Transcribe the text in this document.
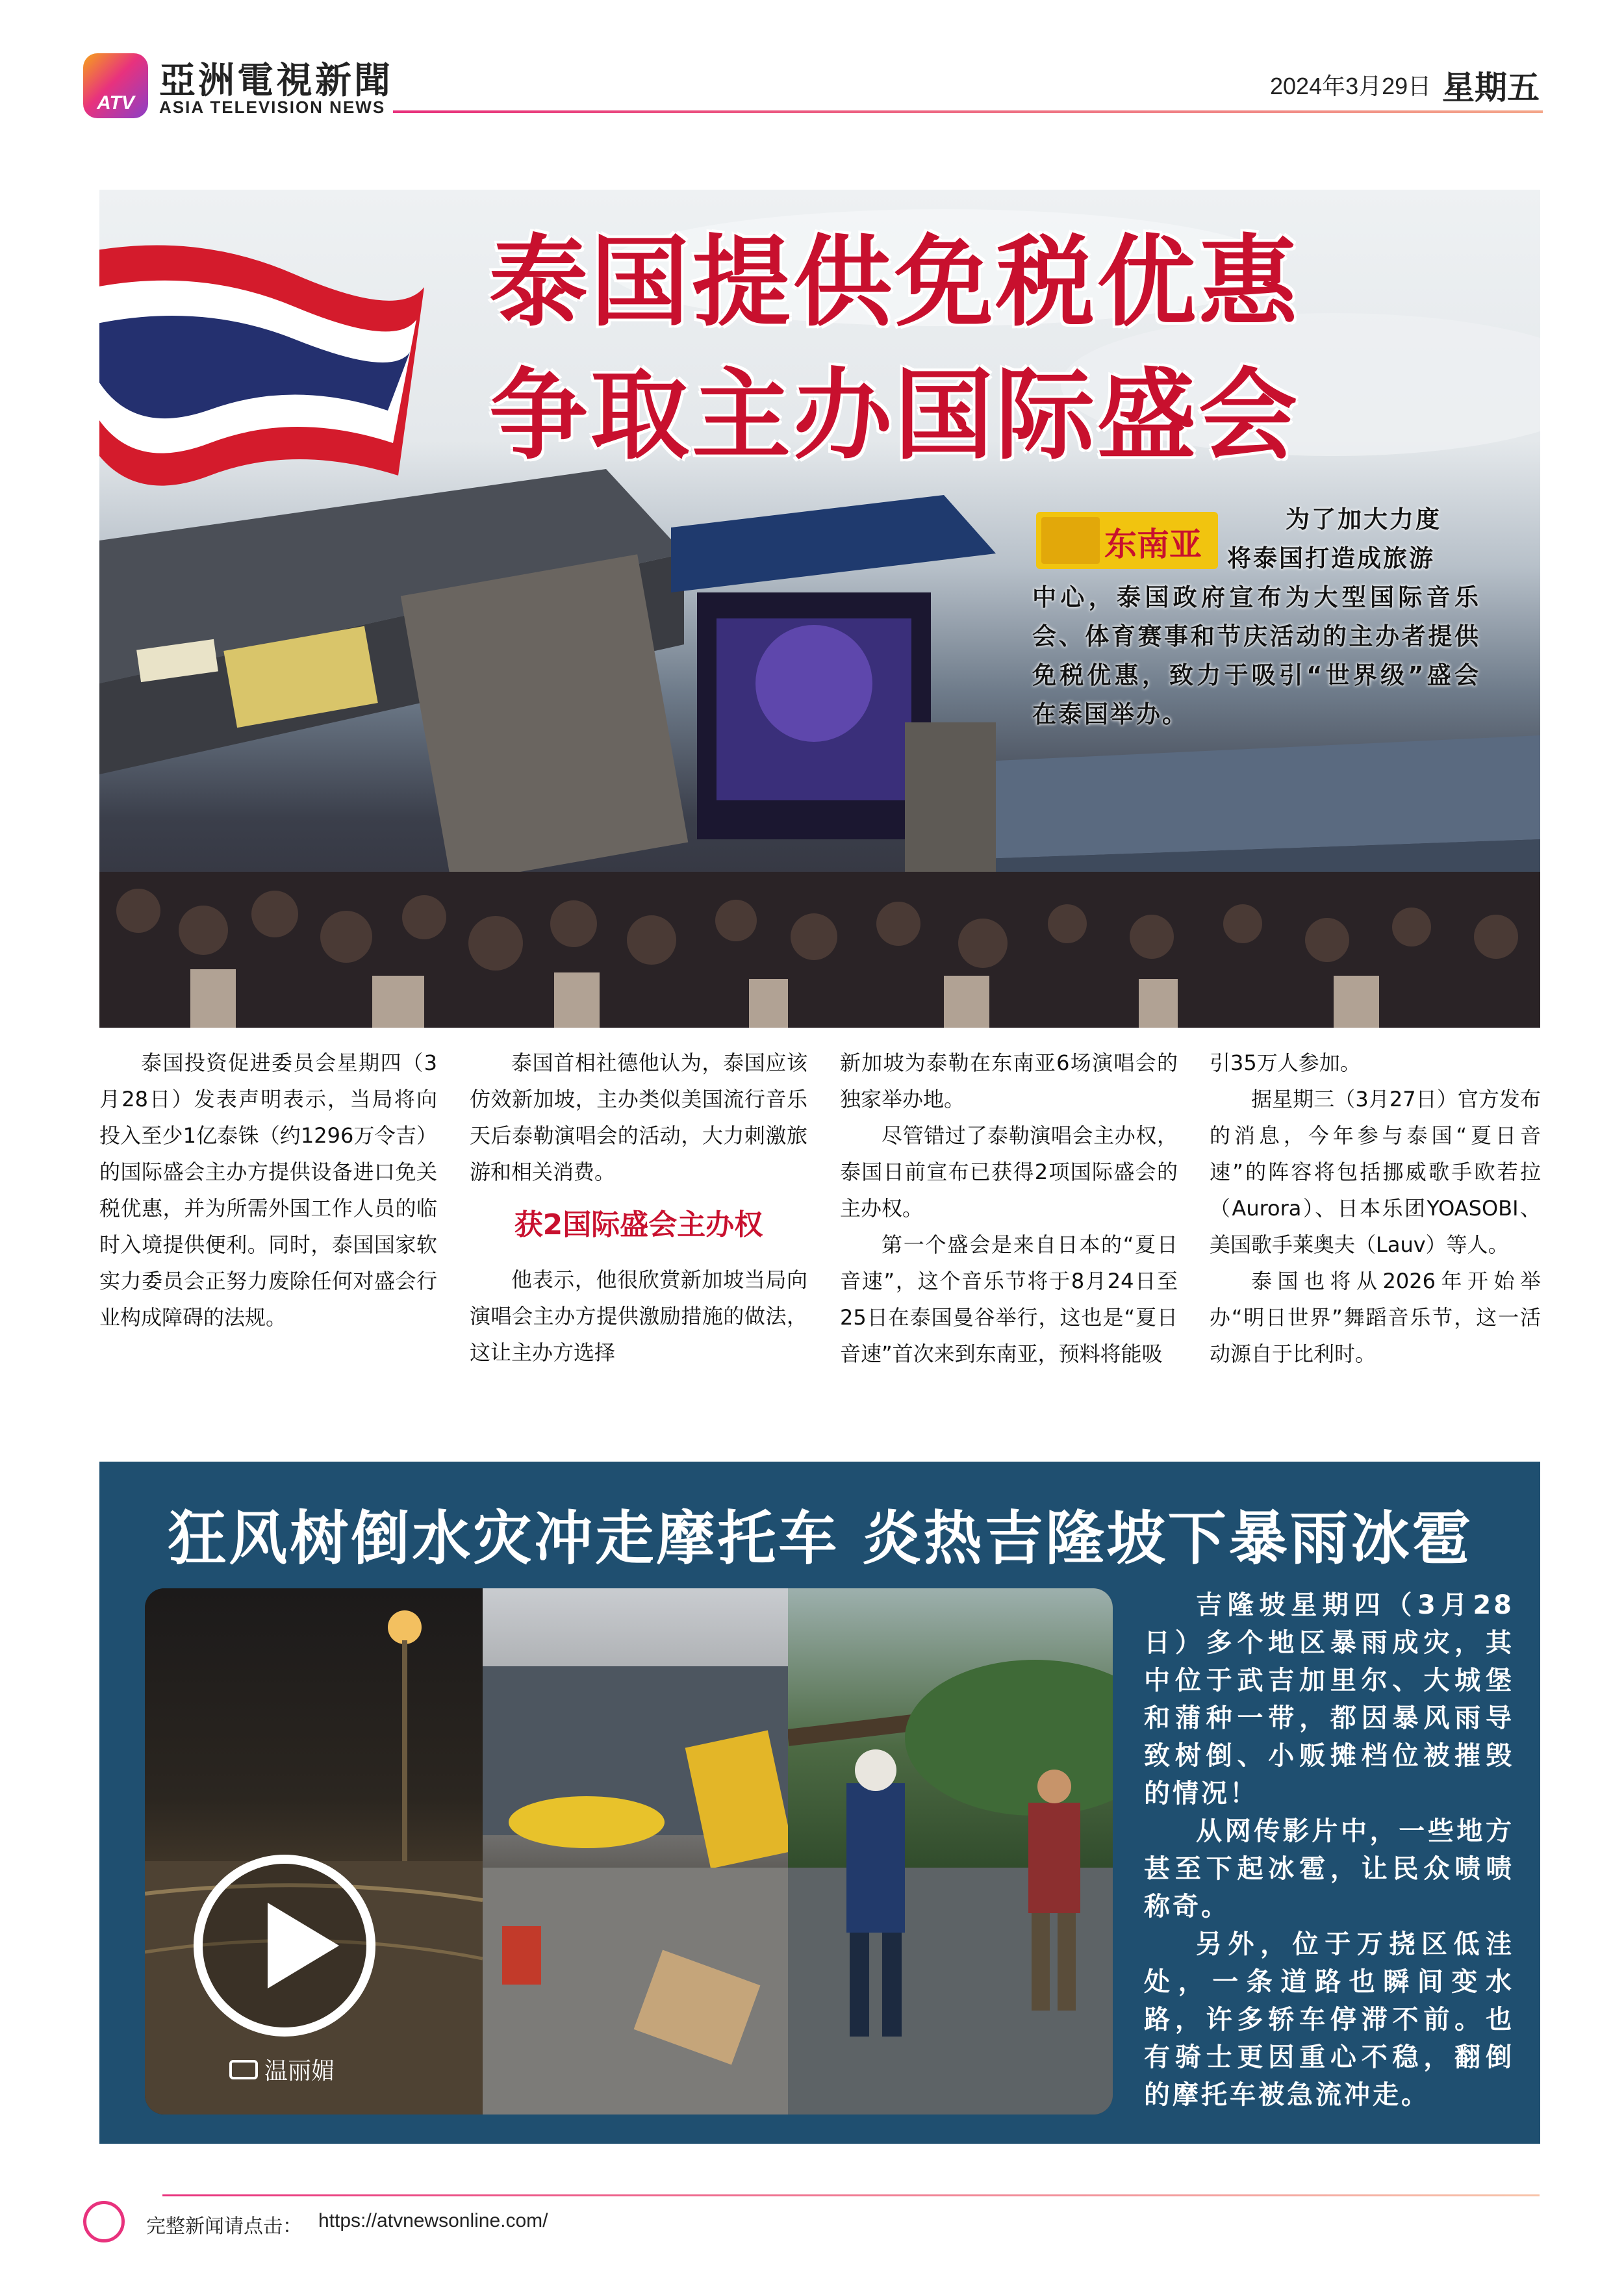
ATV
亞洲電視新聞
ASIA TELEVISION NEWS
2024年3月29日 星期五
泰国提供免税优惠
争取主办国际盛会
东南亚
为了加大力度
将泰国打造成旅游
中心，泰国政府宣布为大型国际音乐会、体育赛事和节庆活动的主办者提供免税优惠，致力于吸引“世界级”盛会在泰国举办。

泰国投资促进委员会星期四（3月28日）发表声明表示，当局将向投入至少1亿泰铢（约1296万令吉）的国际盛会主办方提供设备进口免关税优惠，并为所需外国工作人员的临时入境提供便利。同时，泰国国家软实力委员会正努力废除任何对盛会行业构成障碍的法规。

泰国首相社德他认为，泰国应该仿效新加坡，主办类似美国流行音乐天后泰勒演唱会的活动，大力刺激旅游和相关消费。

获2国际盛会主办权

他表示，他很欣赏新加坡当局向演唱会主办方提供激励措施的做法，这让主办方选择

新加坡为泰勒在东南亚6场演唱会的独家举办地。

尽管错过了泰勒演唱会主办权，泰国日前宣布已获得2项国际盛会的主办权。

第一个盛会是来自日本的“夏日音速”，这个音乐节将于8月24日至25日在泰国曼谷举行，这也是“夏日音速”首次来到东南亚，预料将能吸

引35万人参加。

据星期三（3月27日）官方发布的消息，今年参与泰国“夏日音速”的阵容将包括挪威歌手欧若拉（Aurora）、日本乐团YOASOBI、美国歌手莱奥夫（Lauv）等人。

泰国也将从2026年开始举办“明日世界”舞蹈音乐节，这一活动源自于比利时。

狂风树倒水灾冲走摩托车 炎热吉隆坡下暴雨冰雹
温丽媚

吉隆坡星期四（3月28日）多个地区暴雨成灾，其中位于武吉加里尔、大城堡和蒲种一带，都因暴风雨导致树倒、小贩摊档位被摧毁的情况！

从网传影片中，一些地方甚至下起冰雹，让民众啧啧称奇。

另外，位于万挠区低洼处，一条道路也瞬间变水路，许多轿车停滞不前。也有骑士更因重心不稳，翻倒的摩托车被急流冲走。

完整新闻请点击： https://atvnewsonline.com/
